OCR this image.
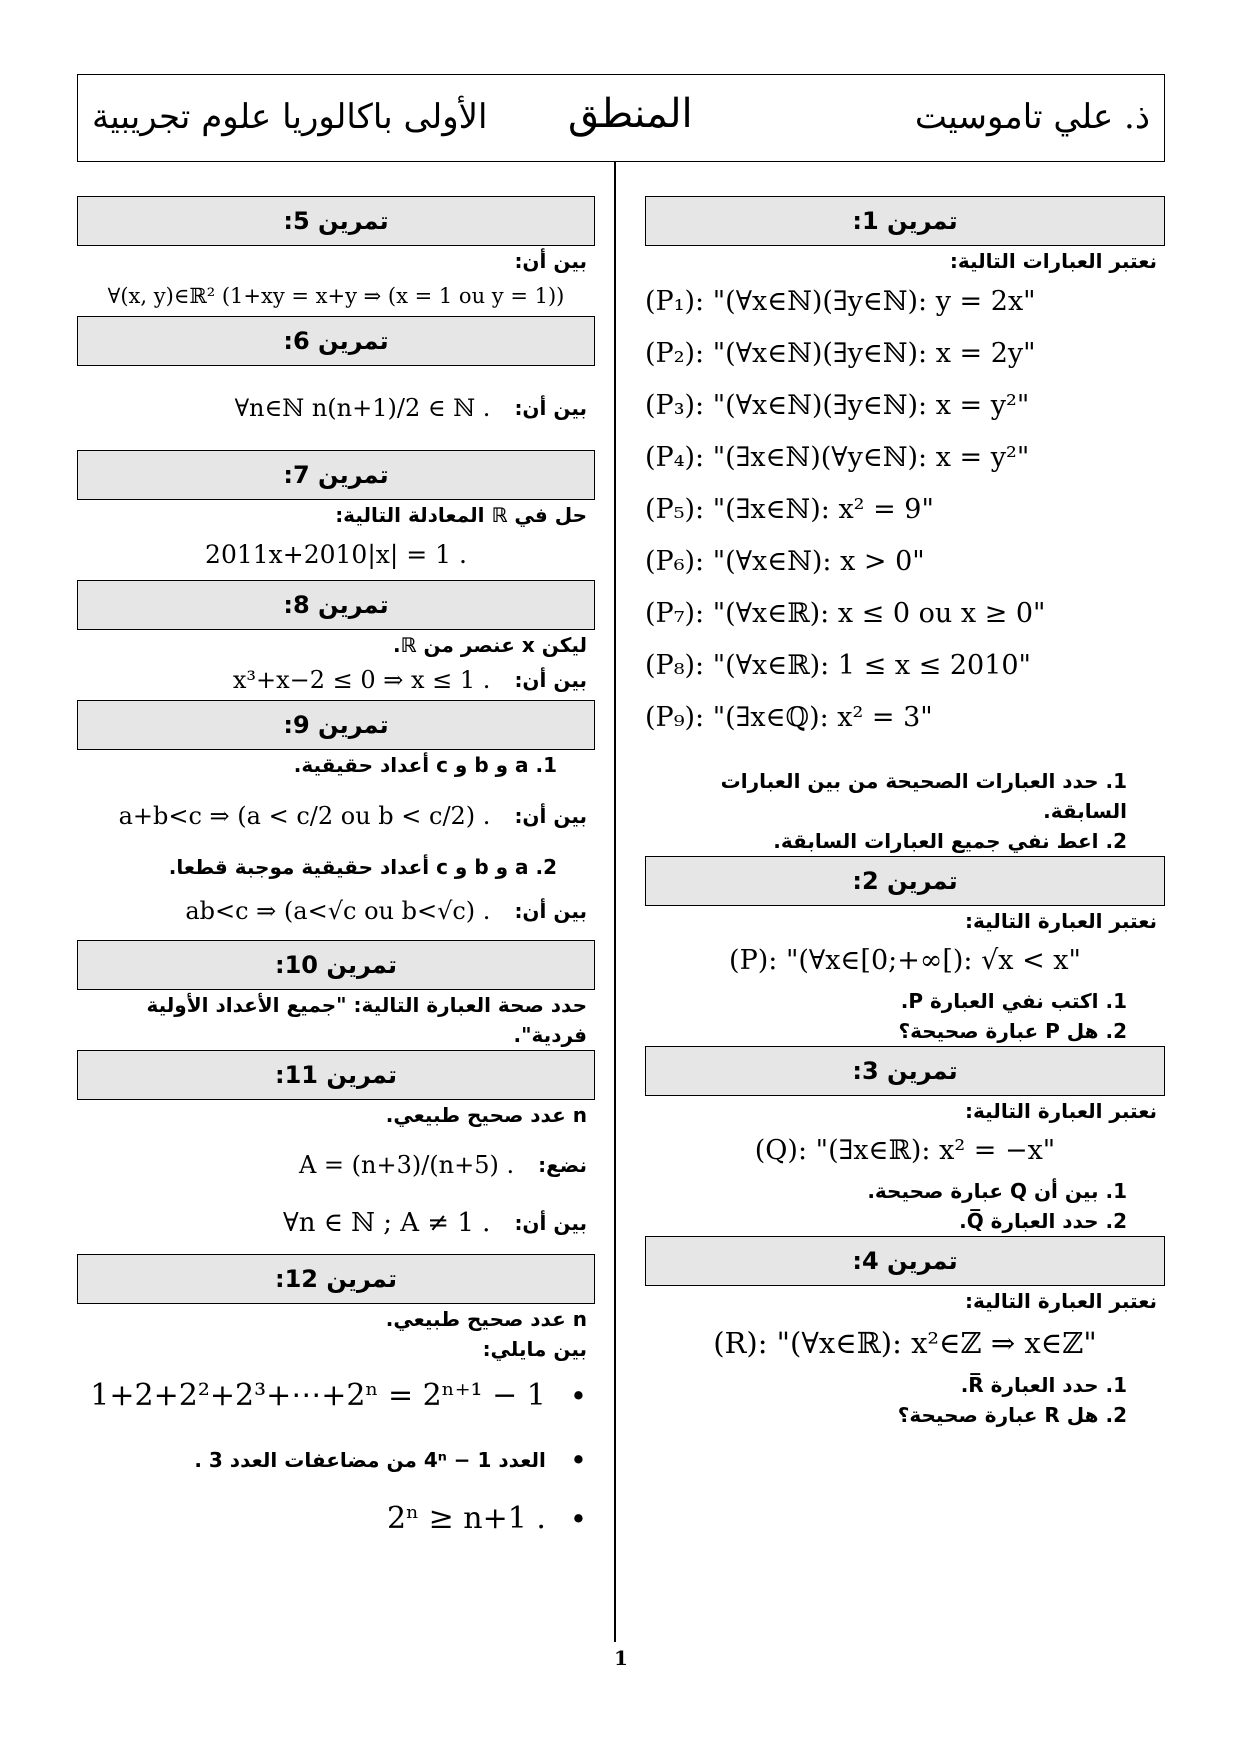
ذ. علي تاموسيت
المنطق
الأولى باكالوريا علوم تجريبية
تمرين 1:
نعتبر العبارات التالية:
(P₁): "(∀x∈ℕ)(∃y∈ℕ): y = 2x"
(P₂): "(∀x∈ℕ)(∃y∈ℕ): x = 2y"
(P₃): "(∀x∈ℕ)(∃y∈ℕ): x = y²"
(P₄): "(∃x∈ℕ)(∀y∈ℕ): x = y²"
(P₅): "(∃x∈ℕ): x² = 9"
(P₆): "(∀x∈ℕ): x > 0"
(P₇): "(∀x∈ℝ): x ≤ 0 ou x ≥ 0"
(P₈): "(∀x∈ℝ): 1 ≤ x ≤ 2010"
(P₉): "(∃x∈ℚ): x² = 3"
1. حدد العبارات الصحيحة من بين العبارات السابقة.
2. اعط نفي جميع العبارات السابقة.
تمرين 2:
نعتبر العبارة التالية:
(P): "(∀x∈[0;+∞[): √x < x"
1. اكتب نفي العبارة P.
2. هل P عبارة صحيحة؟
تمرين 3:
نعتبر العبارة التالية:
(Q): "(∃x∈ℝ): x² = −x"
1. بين أن Q عبارة صحيحة.
2. حدد العبارة Q̅.
تمرين 4:
نعتبر العبارة التالية:
(R): "(∀x∈ℝ): x²∈ℤ ⇒ x∈ℤ"
1. حدد العبارة R̅.
2. هل R عبارة صحيحة؟
تمرين 5:
بين أن:
∀(x, y)∈ℝ² (1+xy = x+y ⇒ (x = 1 ou y = 1))
تمرين 6:
بين أن:
∀n∈ℕ n(n+1)/2 ∈ ℕ .
تمرين 7:
حل في ℝ المعادلة التالية:
2011x+2010|x| = 1 .
تمرين 8:
ليكن x عنصر من ℝ.
بين أن:
x³+x−2 ≤ 0 ⇒ x ≤ 1 .
تمرين 9:
1. a و b و c أعداد حقيقية.
بين أن:
a+b<c ⇒ (a < c/2 ou b < c/2) .
2. a و b و c أعداد حقيقية موجبة قطعا.
بين أن:
ab<c ⇒ (a<√c ou b<√c) .
تمرين 10:
حدد صحة العبارة التالية: "جميع الأعداد الأولية فردية".
تمرين 11:
n عدد صحيح طبيعي.
نضع:
A = (n+3)/(n+5) .
بين أن:
∀n ∈ ℕ ; A ≠ 1 .
تمرين 12:
n عدد صحيح طبيعي.
بين مايلي:
•
1+2+2²+2³+⋯+2ⁿ = 2ⁿ⁺¹ − 1
•
العدد 4ⁿ − 1 من مضاعفات العدد 3 .
•
2ⁿ ≥ n+1 .
1
